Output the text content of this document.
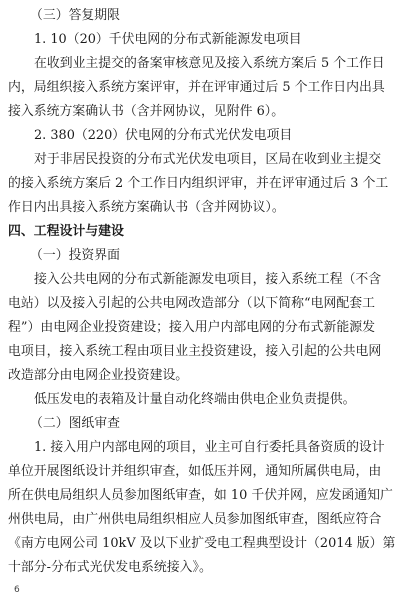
（三）答复期限
1. 10（20）千伏电网的分布式新能源发电项目
在收到业主提交的备案审核意见及接入系统方案后 5 个工作日
内，局组织接入系统方案评审，并在评审通过后 5 个工作日内出具
接入系统方案确认书（含并网协议，见附件 6）。
2. 380（220）伏电网的分布式光伏发电项目
对于非居民投资的分布式光伏发电项目，区局在收到业主提交
的接入系统方案后 2 个工作日内组织评审，并在评审通过后 3 个工
作日内出具接入系统方案确认书（含并网协议）。
四、工程设计与建设
（一）投资界面
接入公共电网的分布式新能源发电项目，接入系统工程（不含
电站）以及接入引起的公共电网改造部分（以下简称“电网配套工
程”）由电网企业投资建设；接入用户内部电网的分布式新能源发
电项目，接入系统工程由项目业主投资建设，接入引起的公共电网
改造部分由电网企业投资建设。
低压发电的表箱及计量自动化终端由供电企业负责提供。
（二）图纸审查
1. 接入用户内部电网的项目，业主可自行委托具备资质的设计
单位开展图纸设计并组织审查，如低压并网，通知所属供电局，由
所在供电局组织人员参加图纸审查，如 10 千伏并网，应发函通知广
州供电局，由广州供电局组织相应人员参加图纸审查，图纸应符合
《南方电网公司 10kV 及以下业扩受电工程典型设计（2014 版）第
十部分-分布式光伏发电系统接入》。
6
